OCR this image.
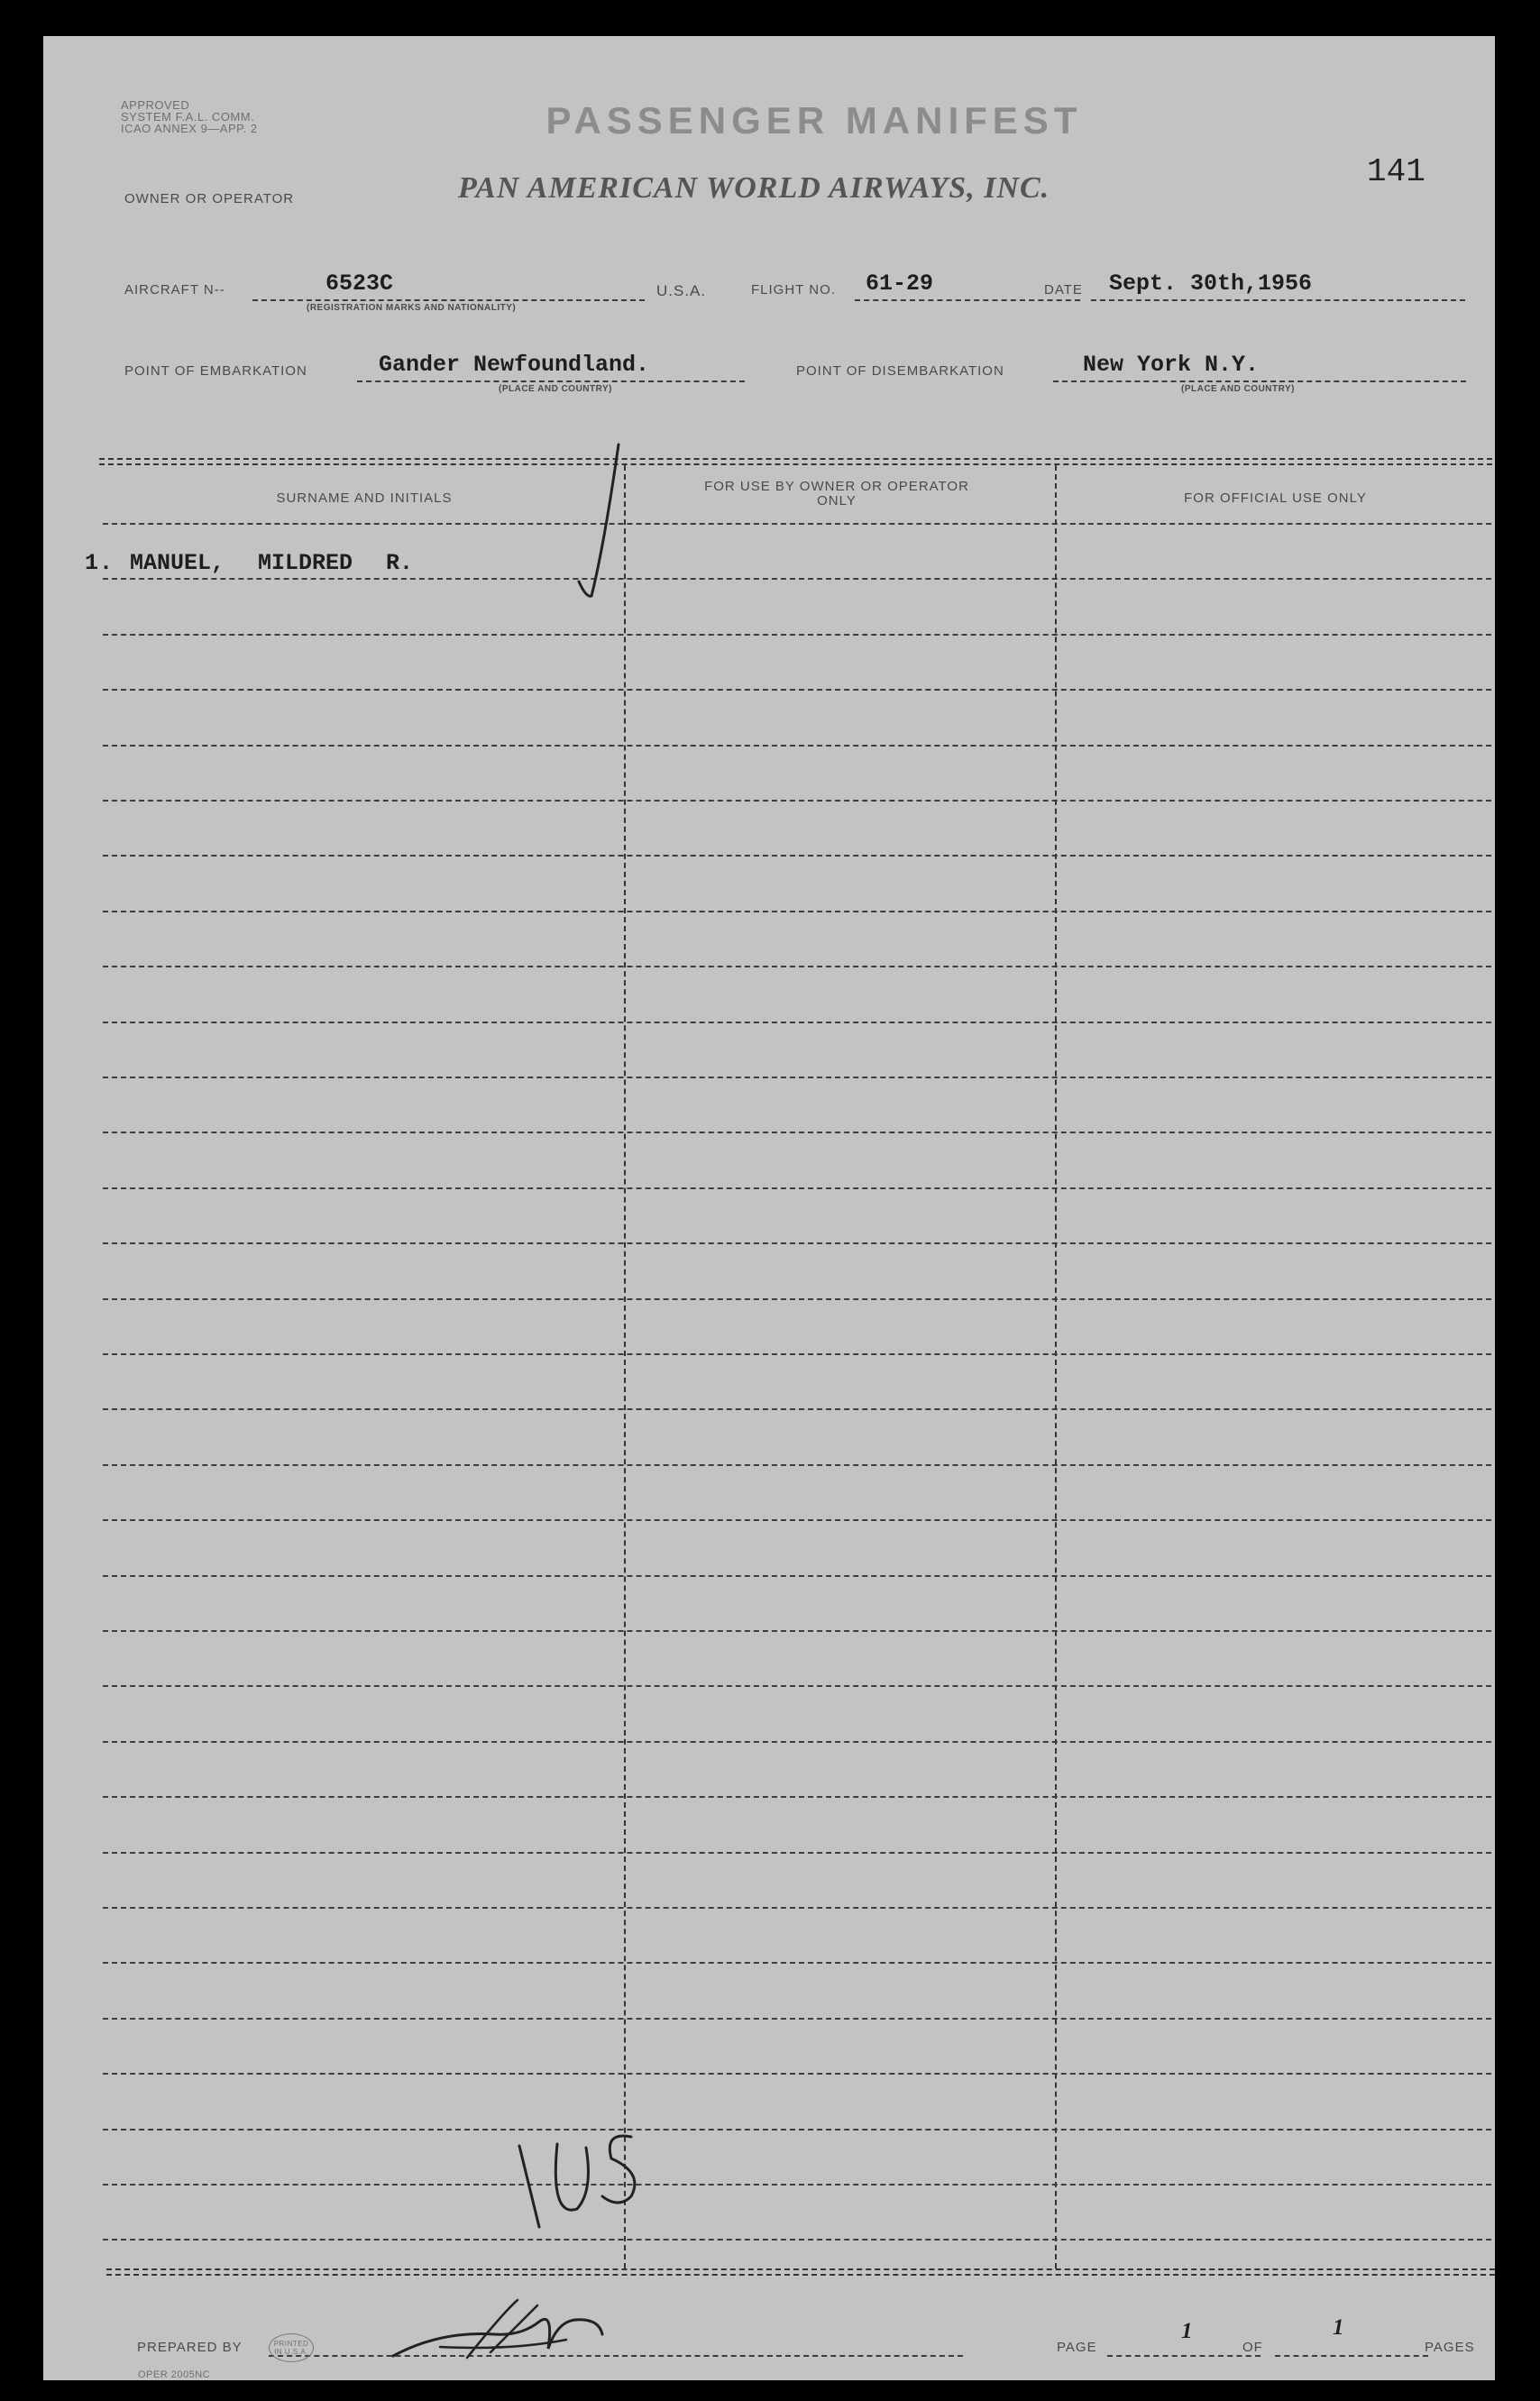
APPROVED
SYSTEM F.A.L. COMM.
ICAO ANNEX 9—APP. 2	PASSENGER MANIFEST
141
OWNER OR OPERATOR	PAN AMERICAN WORLD AIRWAYS, INC.
AIRCRAFT N--	6523C
(REGISTRATION MARKS AND NATIONALITY)
U.S.A.	FLIGHT NO. 61-29	DATE Sept. 30th,1956
POINT OF EMBARKATION	Gander Newfoundland.
(PLACE AND COUNTRY)
POINT OF DISEMBARKATION	New York N.Y.
(PLACE AND COUNTRY)
SURNAME AND INITIALS
FOR USE BY OWNER OR OPERATOR ONLY	FOR OFFICIAL USE ONLY
1. MANUEL, MILDRED R.
PREPARED BY	PAGE
1
OF
1
PAGES
OPER 2005NC
PRINTED IN U.S.A.
